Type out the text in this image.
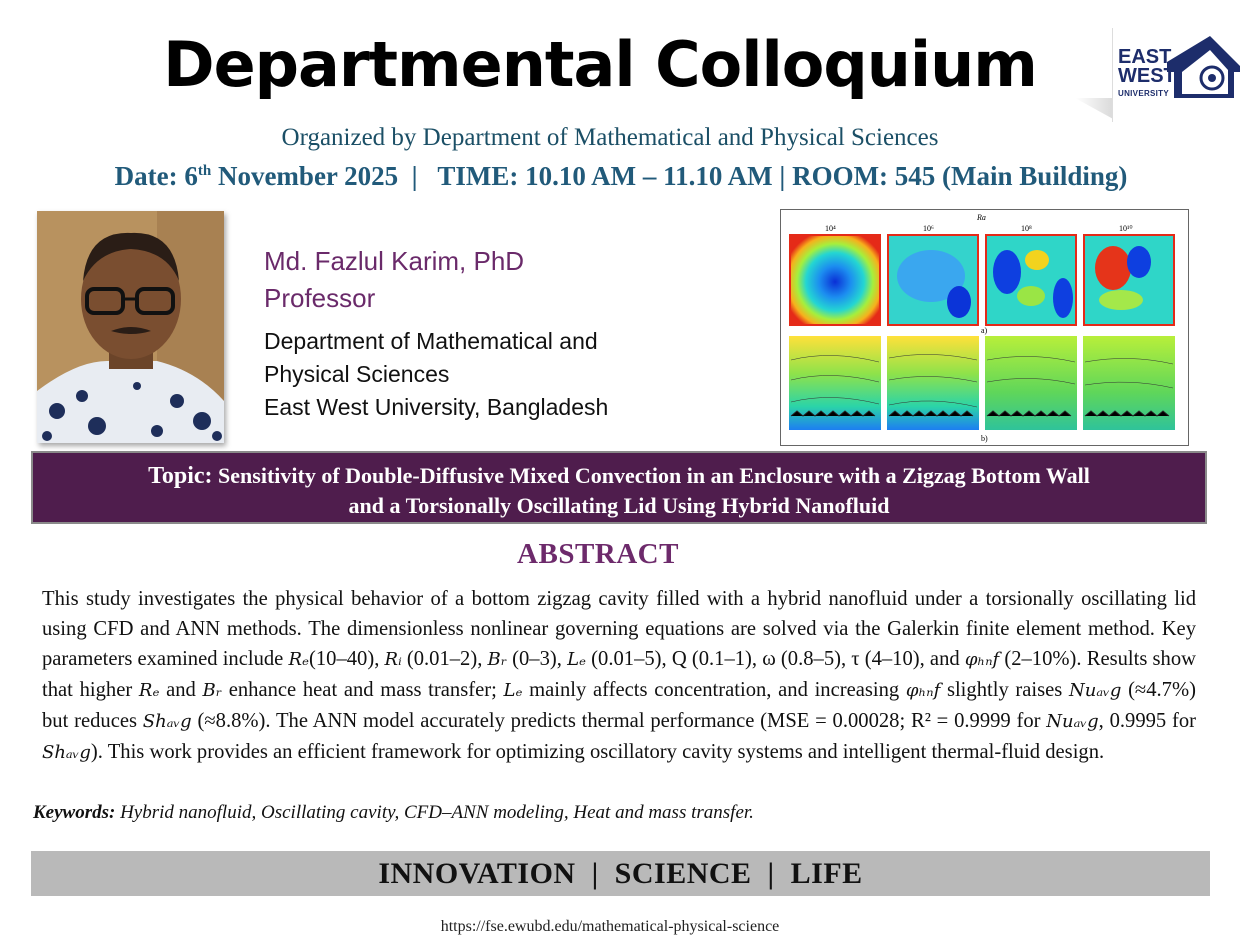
Departmental Colloquium	EAST
WEST
UNIVERSITY
Organized by Department of Mathematical and Physical Sciences
Date: 6th November 2025  |   TIME: 10.10 AM – 11.10 AM | ROOM: 545 (Main Building)
Md. Fazlul Karim, PhD
Professor
Department of Mathematical and
Physical Sciences
East West University, Bangladesh
Ra
10⁴	10⁶	10⁸	10¹⁰
a)
b)
Topic: Sensitivity of Double-Diffusive Mixed Convection in an Enclosure with a Zigzag Bottom Wall
and a Torsionally Oscillating Lid Using Hybrid Nanofluid
ABSTRACT
This study investigates the physical behavior of a bottom zigzag cavity filled with a hybrid nanofluid under a torsionally oscillating lid using CFD and ANN methods. The dimensionless nonlinear governing equations are solved via the Galerkin finite element method. Key parameters examined include Rₑ(10–40), Rᵢ (0.01–2), Bᵣ (0–3), Lₑ (0.01–5), Q (0.1–1), ω (0.8–5), τ (4–10), and φₕₙf (2–10%). Results show that higher Rₑ and Bᵣ enhance heat and mass transfer; Lₑ mainly affects concentration, and increasing φₕₙf slightly raises Nuₐᵥg (≈4.7%) but reduces Shₐᵥg (≈8.8%). The ANN model accurately predicts thermal performance (MSE = 0.00028; R² = 0.9999 for Nuₐᵥg, 0.9995 for Shₐᵥg). This work provides an efficient framework for optimizing oscillatory cavity systems and intelligent thermal-fluid design.
Keywords: Hybrid nanofluid, Oscillating cavity, CFD–ANN modeling, Heat and mass transfer.
INNOVATION  |  SCIENCE  |  LIFE
https://fse.ewubd.edu/mathematical-physical-science
